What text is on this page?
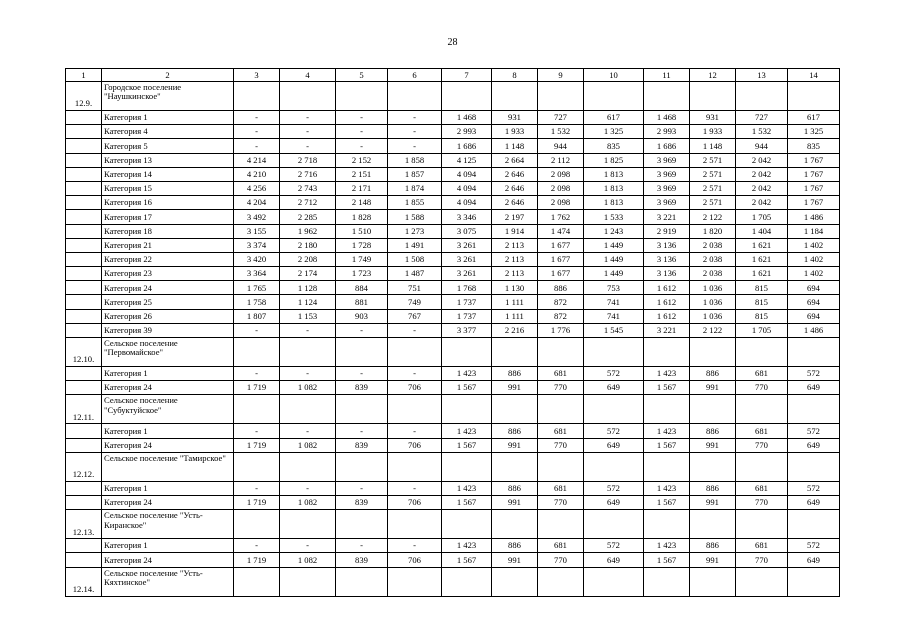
28
1	2	3	4	5	6	7	8	9	10	11	12	13	14
12.9.	Городское поселение "Наушкинское"												
	Категория 1	-	-	-	-	1 468	931	727	617	1 468	931	727	617
	Категория 4	-	-	-	-	2 993	1 933	1 532	1 325	2 993	1 933	1 532	1 325
	Категория 5	-	-	-	-	1 686	1 148	944	835	1 686	1 148	944	835
	Категория 13	4 214	2 718	2 152	1 858	4 125	2 664	2 112	1 825	3 969	2 571	2 042	1 767
	Категория 14	4 210	2 716	2 151	1 857	4 094	2 646	2 098	1 813	3 969	2 571	2 042	1 767
	Категория 15	4 256	2 743	2 171	1 874	4 094	2 646	2 098	1 813	3 969	2 571	2 042	1 767
	Категория 16	4 204	2 712	2 148	1 855	4 094	2 646	2 098	1 813	3 969	2 571	2 042	1 767
	Категория 17	3 492	2 285	1 828	1 588	3 346	2 197	1 762	1 533	3 221	2 122	1 705	1 486
	Категория 18	3 155	1 962	1 510	1 273	3 075	1 914	1 474	1 243	2 919	1 820	1 404	1 184
	Категория 21	3 374	2 180	1 728	1 491	3 261	2 113	1 677	1 449	3 136	2 038	1 621	1 402
	Категория 22	3 420	2 208	1 749	1 508	3 261	2 113	1 677	1 449	3 136	2 038	1 621	1 402
	Категория 23	3 364	2 174	1 723	1 487	3 261	2 113	1 677	1 449	3 136	2 038	1 621	1 402
	Категория 24	1 765	1 128	884	751	1 768	1 130	886	753	1 612	1 036	815	694
	Категория 25	1 758	1 124	881	749	1 737	1 111	872	741	1 612	1 036	815	694
	Категория 26	1 807	1 153	903	767	1 737	1 111	872	741	1 612	1 036	815	694
	Категория 39	-	-	-	-	3 377	2 216	1 776	1 545	3 221	2 122	1 705	1 486
12.10.	Сельское поселение "Первомайское"												
	Категория 1	-	-	-	-	1 423	886	681	572	1 423	886	681	572
	Категория 24	1 719	1 082	839	706	1 567	991	770	649	1 567	991	770	649
12.11.	Сельское поселение "Субуктуйское"												
	Категория 1	-	-	-	-	1 423	886	681	572	1 423	886	681	572
	Категория 24	1 719	1 082	839	706	1 567	991	770	649	1 567	991	770	649
12.12.	Сельское поселение "Тамирское"												
	Категория 1	-	-	-	-	1 423	886	681	572	1 423	886	681	572
	Категория 24	1 719	1 082	839	706	1 567	991	770	649	1 567	991	770	649
12.13.	Сельское поселение "Усть-Киранское"												
	Категория 1	-	-	-	-	1 423	886	681	572	1 423	886	681	572
	Категория 24	1 719	1 082	839	706	1 567	991	770	649	1 567	991	770	649
12.14.	Сельское поселение "Усть-Кяхтинское"												
